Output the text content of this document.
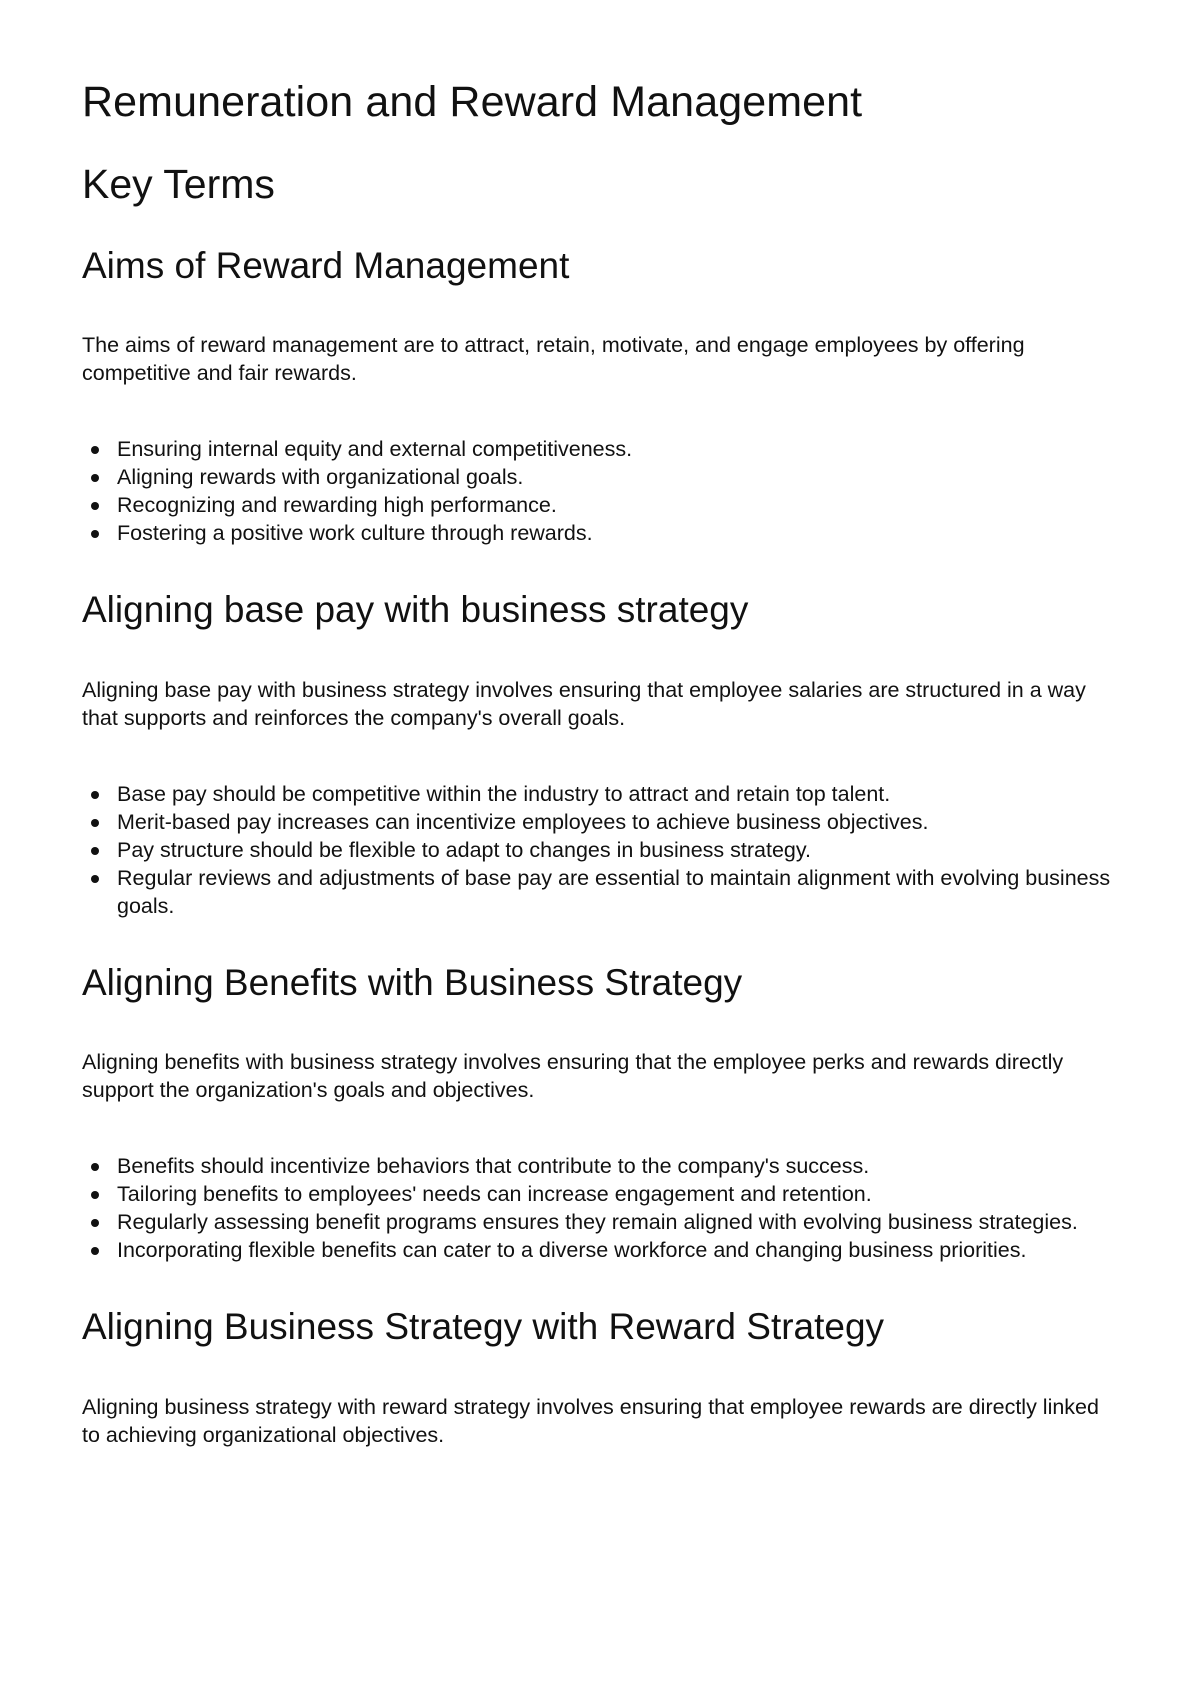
Remuneration and Reward Management
Key Terms
Aims of Reward Management

The aims of reward management are to attract, retain, motivate, and engage employees by offering competitive and fair rewards.

Ensuring internal equity and external competitiveness.
Aligning rewards with organizational goals.
Recognizing and rewarding high performance.
Fostering a positive work culture through rewards.
Aligning base pay with business strategy

Aligning base pay with business strategy involves ensuring that employee salaries are structured in a way that supports and reinforces the company's overall goals.

Base pay should be competitive within the industry to attract and retain top talent.
Merit-based pay increases can incentivize employees to achieve business objectives.
Pay structure should be flexible to adapt to changes in business strategy.
Regular reviews and adjustments of base pay are essential to maintain alignment with evolving business goals.
Aligning Benefits with Business Strategy

Aligning benefits with business strategy involves ensuring that the employee perks and rewards directly support the organization's goals and objectives.

Benefits should incentivize behaviors that contribute to the company's success.
Tailoring benefits to employees' needs can increase engagement and retention.
Regularly assessing benefit programs ensures they remain aligned with evolving business strategies.
Incorporating flexible benefits can cater to a diverse workforce and changing business priorities.
Aligning Business Strategy with Reward Strategy

Aligning business strategy with reward strategy involves ensuring that employee rewards are directly linked to achieving organizational objectives.
